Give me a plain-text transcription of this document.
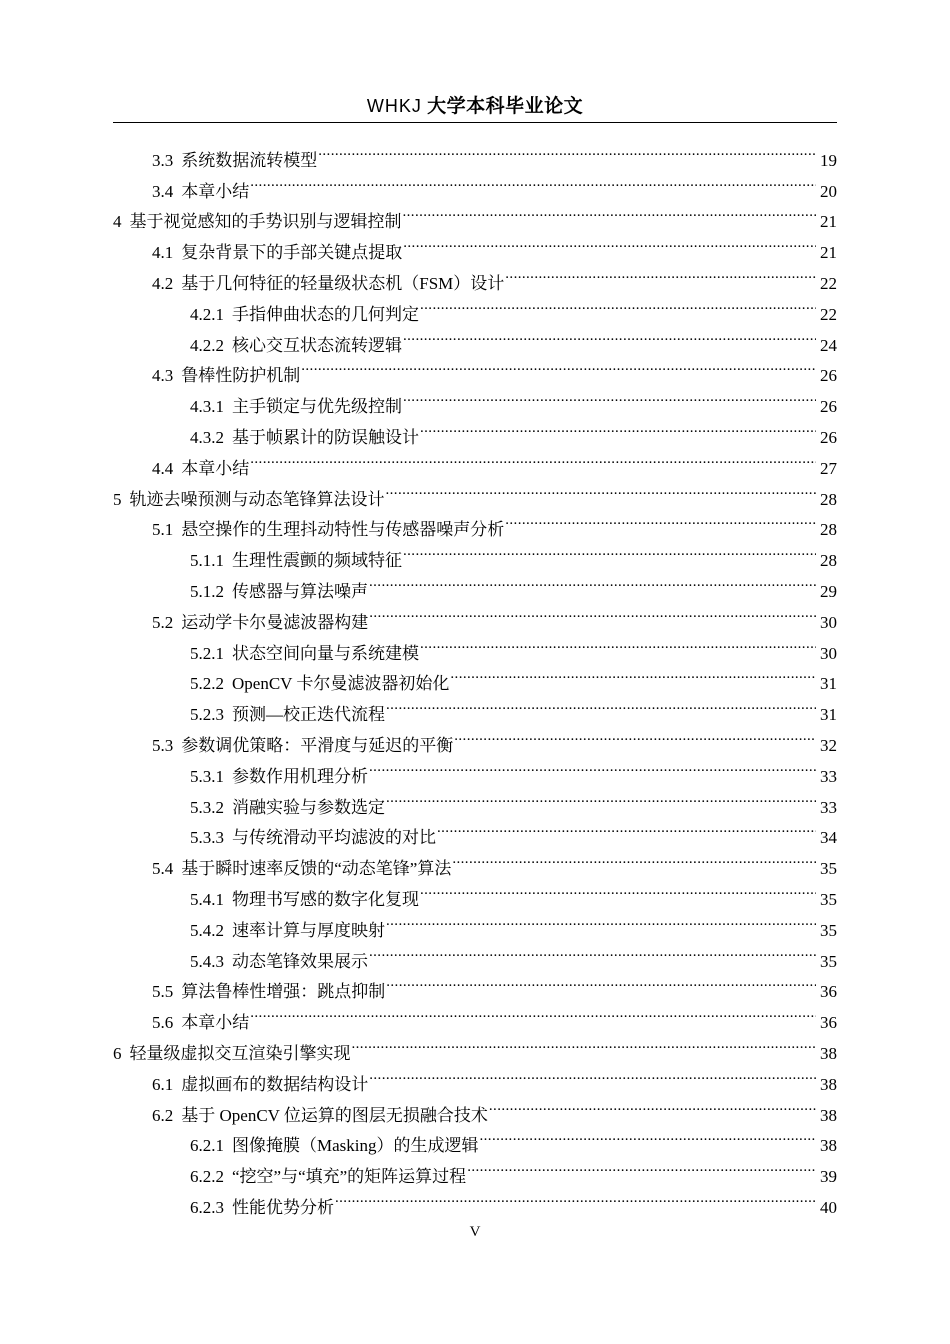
WHKJ 大学本科毕业论文
3.3 系统数据流转模型 .....	19
3.4 本章小结 .....	20
4 基于视觉感知的手势识别与逻辑控制 .....	21
4.1 复杂背景下的手部关键点提取 .....	21
4.2 基于几何特征的轻量级状态机（FSM）设计 .....	22
4.2.1 手指伸曲状态的几何判定 .....	22
4.2.2 核心交互状态流转逻辑 .....	24
4.3 鲁棒性防护机制 .....	26
4.3.1 主手锁定与优先级控制 .....	26
4.3.2 基于帧累计的防误触设计 .....	26
4.4 本章小结 .....	27
5 轨迹去噪预测与动态笔锋算法设计 .....	28
5.1 悬空操作的生理抖动特性与传感器噪声分析 .....	28
5.1.1 生理性震颤的频域特征 .....	28
5.1.2 传感器与算法噪声 .....	29
5.2 运动学卡尔曼滤波器构建 .....	30
5.2.1 状态空间向量与系统建模 .....	30
5.2.2 OpenCV 卡尔曼滤波器初始化 .....	31
5.2.3 预测—校正迭代流程 .....	31
5.3 参数调优策略：平滑度与延迟的平衡 .....	32
5.3.1 参数作用机理分析 .....	33
5.3.2 消融实验与参数选定 .....	33
5.3.3 与传统滑动平均滤波的对比 .....	34
5.4 基于瞬时速率反馈的“动态笔锋”算法 .....	35
5.4.1 物理书写感的数字化复现 .....	35
5.4.2 速率计算与厚度映射 .....	35
5.4.3 动态笔锋效果展示 .....	35
5.5 算法鲁棒性增强：跳点抑制 .....	36
5.6 本章小结 .....	36
6 轻量级虚拟交互渲染引擎实现 .....	38
6.1 虚拟画布的数据结构设计 .....	38
6.2 基于 OpenCV 位运算的图层无损融合技术 .....	38
6.2.1 图像掩膜（Masking）的生成逻辑 .....	38
6.2.2 “挖空”与“填充”的矩阵运算过程 .....	39
6.2.3 性能优势分析 .....	40
V
